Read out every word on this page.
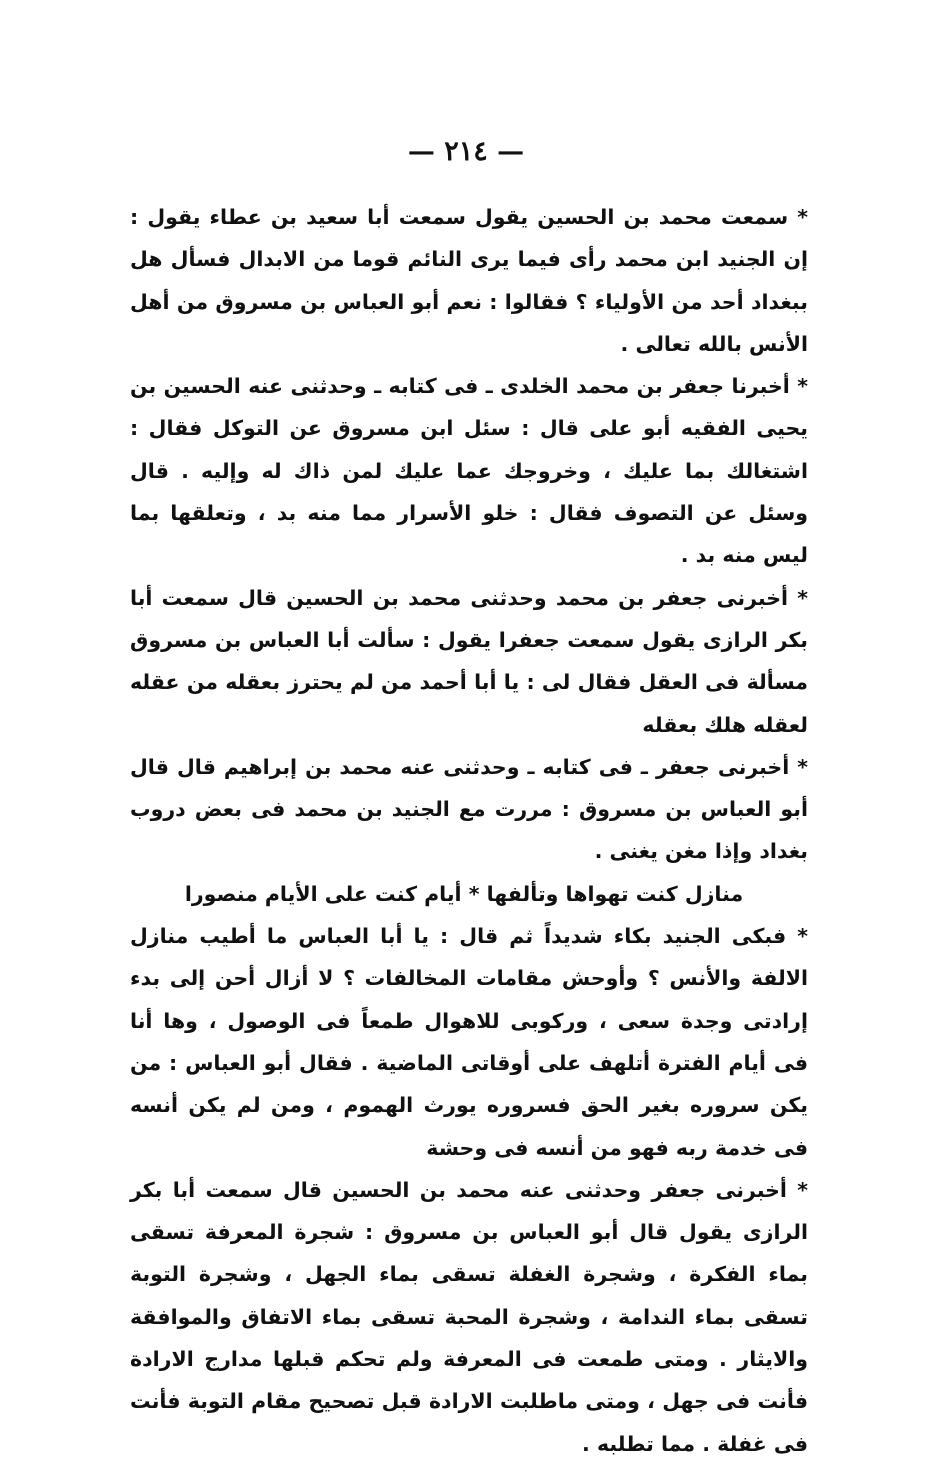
— ٢١٤ —

* سمعت محمد بن الحسين يقول سمعت أبا سعيد بن عطاء يقول : إن الجنيد ابن محمد رأى فيما يرى النائم قوما من الابدال فسأل هل ببغداد أحد من الأولياء ؟ فقالوا : نعم أبو العباس بن مسروق من أهل الأنس بالله تعالى .

* أخبرنا جعفر بن محمد الخلدى ـ فى كتابه ـ وحدثنى عنه الحسين بن يحيى الفقيه أبو على قال : سئل ابن مسروق عن التوكل فقال : اشتغالك بما عليك ، وخروجك عما عليك لمن ذاك له وإليه . قال وسئل عن التصوف فقال : خلو الأسرار مما منه بد ، وتعلقها بما ليس منه بد .

* أخبرنى جعفر بن محمد وحدثنى محمد بن الحسين قال سمعت أبا بكر الرازى يقول سمعت جعفرا يقول : سألت أبا العباس بن مسروق مسألة فى العقل فقال لى : يا أبا أحمد من لم يحترز بعقله من عقله لعقله هلك بعقله

* أخبرنى جعفر ـ فى كتابه ـ وحدثنى عنه محمد بن إبراهيم قال قال أبو العباس بن مسروق : مررت مع الجنيد بن محمد فى بعض دروب بغداد وإذا مغن يغنى .

منازل كنت تهواها وتألفها * أيام كنت على الأيام منصورا

* فبكى الجنيد بكاء شديداً ثم قال : يا أبا العباس ما أطيب منازل الالفة والأنس ؟ وأوحش مقامات المخالفات ؟ لا أزال أحن إلى بدء إرادتى وجدة سعى ، وركوبى للاهوال طمعاً فى الوصول ، وها أنا فى أيام الفترة أتلهف على أوقاتى الماضية . فقال أبو العباس : من يكن سروره بغير الحق فسروره يورث الهموم ، ومن لم يكن أنسه فى خدمة ربه فهو من أنسه فى وحشة

* أخبرنى جعفر وحدثنى عنه محمد بن الحسين قال سمعت أبا بكر الرازى يقول قال أبو العباس بن مسروق : شجرة المعرفة تسقى بماء الفكرة ، وشجرة الغفلة تسقى بماء الجهل ، وشجرة التوبة تسقى بماء الندامة ، وشجرة المحبة تسقى بماء الاتفاق والموافقة والايثار . ومتى طمعت فى المعرفة ولم تحكم قبلها مدارج الارادة فأنت فى جهل ، ومتى ماطلبت الارادة قبل تصحيح مقام التوبة فأنت فى غفلة . مما تطلبه .
